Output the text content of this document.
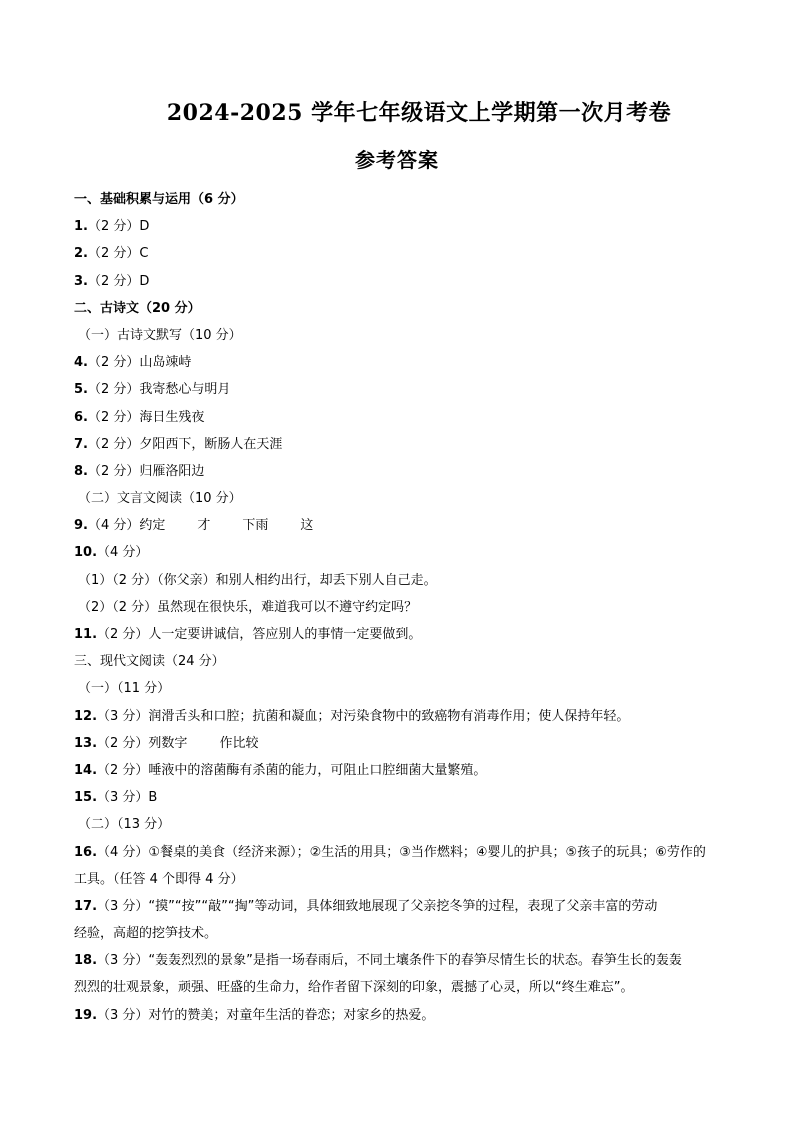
2024-2025 学年七年级语文上学期第一次月考卷
参考答案
一、基础积累与运用（6 分）
1.（2 分）D
2.（2 分）C
3.（2 分）D
二、古诗文（20 分）
（一）古诗文默写（10 分）
4.（2 分）山岛竦峙
5.（2 分）我寄愁心与明月
6.（2 分）海日生残夜
7.（2 分）夕阳西下，断肠人在天涯
8.（2 分）归雁洛阳边
（二）文言文阅读（10 分）
9.（4 分）约定 才 下雨 这
10.（4 分）
（1）（2 分）（你父亲）和别人相约出行，却丢下别人自己走。
（2）（2 分）虽然现在很快乐，难道我可以不遵守约定吗？
11.（2 分）人一定要讲诚信，答应别人的事情一定要做到。
三、现代文阅读（24 分）
（一）（11 分）
12.（3 分）润滑舌头和口腔；抗菌和凝血；对污染食物中的致癌物有消毒作用；使人保持年轻。
13.（2 分）列数字 作比较
14.（2 分）唾液中的溶菌酶有杀菌的能力，可阻止口腔细菌大量繁殖。
15.（3 分）B
（二）（13 分）
16.（4 分）①餐桌的美食（经济来源）；②生活的用具；③当作燃料；④婴儿的护具；⑤孩子的玩具；⑥劳作的
工具。（任答 4 个即得 4 分）
17.（3 分）“摸”“按”“敲”“掏”等动词，具体细致地展现了父亲挖冬笋的过程，表现了父亲丰富的劳动
经验，高超的挖笋技术。
18.（3 分）“轰轰烈烈的景象”是指一场春雨后，不同土壤条件下的春笋尽情生长的状态。春笋生长的轰轰
烈烈的壮观景象，顽强、旺盛的生命力，给作者留下深刻的印象，震撼了心灵，所以“终生难忘”。
19.（3 分）对竹的赞美；对童年生活的眷恋；对家乡的热爱。
